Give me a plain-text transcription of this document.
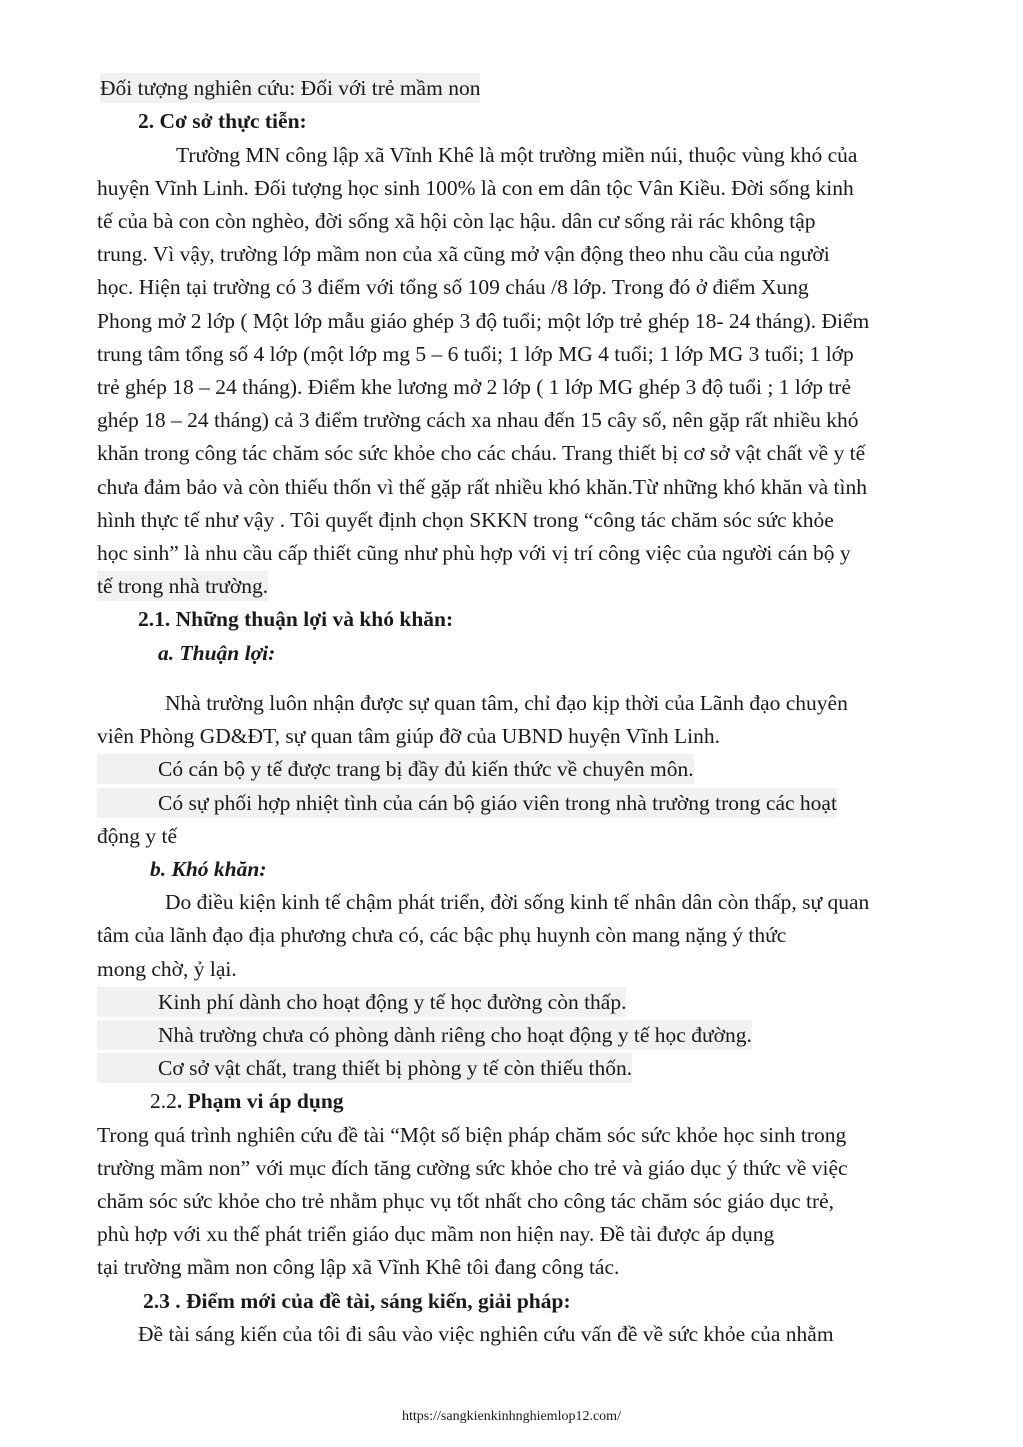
Đối tượng nghiên cứu: Đối với trẻ mầm non
2. Cơ sở thực tiễn:
Trường MN công lập xã Vĩnh Khê là một trường miền núi, thuộc vùng khó của
huyện Vĩnh Linh. Đối tượng học sinh 100% là con em dân tộc Vân Kiều. Đời sống kinh
tế của bà con còn nghèo, đời sống xã hội còn lạc hậu. dân cư sống rải rác không tập
trung. Vì vậy, trường lớp mầm non của xã cũng mở vận động theo nhu cầu của người
học. Hiện tại trường có 3 điểm với tổng số 109 cháu /8 lớp. Trong đó ở điểm Xung
Phong mở 2 lớp ( Một lớp mẫu giáo ghép 3 độ tuổi; một lớp trẻ ghép 18- 24 tháng). Điểm
trung tâm tổng số 4 lớp (một lớp mg 5 – 6 tuổi; 1 lớp MG 4 tuổi; 1 lớp MG 3 tuổi; 1 lớp
trẻ ghép 18 – 24 tháng). Điểm khe lương mở 2 lớp ( 1 lớp MG ghép 3 độ tuổi ; 1 lớp trẻ
ghép 18 – 24 tháng) cả 3 điểm trường cách xa nhau đến 15 cây số, nên gặp rất nhiều khó
khăn trong công tác chăm sóc sức khỏe cho các cháu. Trang thiết bị cơ sở vật chất về y tế
chưa đảm bảo và còn thiếu thốn vì thế gặp rất nhiều khó khăn.Từ những khó khăn và tình
hình thực tế như vậy . Tôi quyết định chọn SKKN trong “công tác chăm sóc sức khỏe
học sinh” là nhu cầu cấp thiết cũng như phù hợp với vị trí công việc của người cán bộ y
tế trong nhà trường.
2.1. Những thuận lợi và khó khăn:
a. Thuận lợi:
Nhà trường luôn nhận được sự quan tâm, chỉ đạo kịp thời của Lãnh đạo chuyên
viên Phòng GD&ĐT, sự quan tâm giúp đỡ của UBND huyện Vĩnh Linh.
Có cán bộ y tế được trang bị đầy đủ kiến thức về chuyên môn.
Có sự phối hợp nhiệt tình của cán bộ giáo viên trong nhà trường trong các hoạt
động y tế
b. Khó khăn:
Do điều kiện kinh tế chậm phát triển, đời sống kinh tế nhân dân còn thấp, sự quan
tâm của lãnh đạo địa phương chưa có, các bậc phụ huynh còn mang nặng ý thức
mong chờ, ỷ lại.
Kinh phí dành cho hoạt động y tế học đường còn thấp.
Nhà trường chưa có phòng dành riêng cho hoạt động y tế học đường.
Cơ sở vật chất, trang thiết bị phòng y tế còn thiếu thốn.
2.2. Phạm vi áp dụng
Trong quá trình nghiên cứu đề tài “Một số biện pháp chăm sóc sức khỏe học sinh trong
trường mầm non” với mục đích tăng cường sức khỏe cho trẻ và giáo dục ý thức về việc
chăm sóc sức khỏe cho trẻ nhằm phục vụ tốt nhất cho công tác chăm sóc giáo dục trẻ,
phù hợp với xu thế phát triển giáo dục mầm non hiện nay. Đề tài được áp dụng
tại trường mầm non công lập xã Vĩnh Khê tôi đang công tác.
2.3 . Điểm mới của đề tài, sáng kiến, giải pháp:
Đề tài sáng kiến của tôi đi sâu vào việc nghiên cứu vấn đề về sức khỏe của nhằm
https://sangkienkinhnghiemlop12.com/
